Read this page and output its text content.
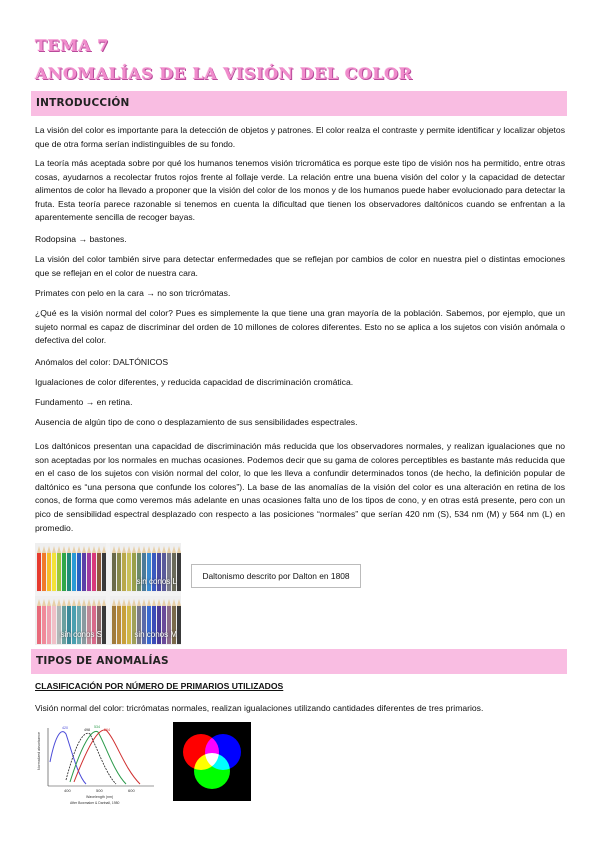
TEMA 7
ANOMALÍAS DE LA VISIÓN DEL COLOR
INTRODUCCIÓN

La visión del color es importante para la detección de objetos y patrones. El color realza el contraste y permite identificar y localizar objetos que de otra forma serían indistinguibles de su fondo.

La teoría más aceptada sobre por qué los humanos tenemos visión tricromática es porque este tipo de visión nos ha permitido, entre otras cosas, ayudarnos a recolectar frutos rojos frente al follaje verde. La relación entre una buena visión del color y la capacidad de detectar alimentos de color ha llevado a proponer que la visión del color de los monos y de los humanos puede haber evolucionado para detectar la fruta. Esta teoría parece razonable si tenemos en cuenta la dificultad que tienen los observadores daltónicos cuando se enfrentan a la aparentemente sencilla de recoger bayas.

Rodopsina → bastones.

La visión del color también sirve para detectar enfermedades que se reflejan por cambios de color en nuestra piel o distintas emociones que se reflejan en el color de nuestra cara.

Primates con pelo en la cara → no son tricrómatas.

¿Qué es la visión normal del color? Pues es simplemente la que tiene una gran mayoría de la población. Sabemos, por ejemplo, que un sujeto normal es capaz de discriminar del orden de 10 millones de colores diferentes. Esto no se aplica a los sujetos con visión anómala o defectiva del color.

Anómalos del color: DALTÓNICOS

Igualaciones de color diferentes, y reducida capacidad de discriminación cromática.

Fundamento → en retina.

Ausencia de algún tipo de cono o desplazamiento de sus sensibilidades espectrales.

Los daltónicos presentan una capacidad de discriminación más reducida que los observadores normales, y realizan igualaciones que no son aceptadas por los normales en muchas ocasiones. Podemos decir que su gama de colores perceptibles es bastante más reducida que en el caso de los sujetos con visión normal del color, lo que les lleva a confundir determinados tonos (de hecho, la definición popular de daltónico es “una persona que confunde los colores”). La base de las anomalías de la visión del color es una alteración en retina de los conos, de forma que como veremos más adelante en unas ocasiones falta uno de los tipos de cono, y en otras está presente, pero con un pico de sensibilidad espectral desplazado con respecto a las posiciones “normales” que serían 420 nm (S), 534 nm (M) y 564 nm (L) en promedio.

sin conos L
sin conos S	sin conos M
Daltonismo descrito por Dalton en 1808
TIPOS DE ANOMALÍAS
CLASIFICACIÓN POR NÚMERO DE PRIMARIOS UTILIZADOS

Visión normal del color: tricrómatas normales, realizan igualaciones utilizando cantidades diferentes de tres primarios.

Normalized absorbance
420	498
534
564
400	500	600
Wavelength (nm)
After Bowmaker & Dartnall, 1980
